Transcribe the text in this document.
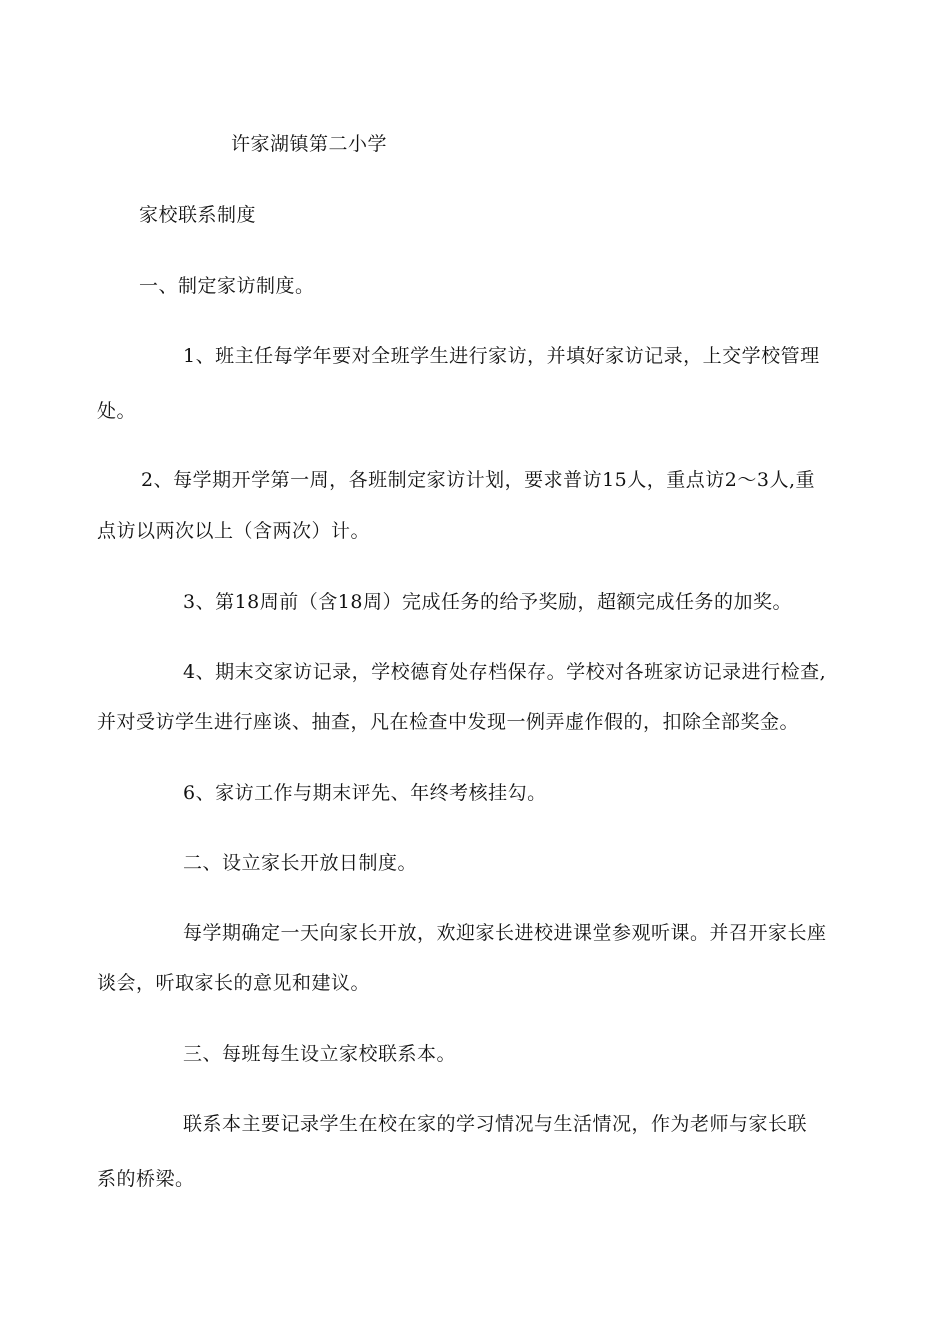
许家湖镇第二小学
家校联系制度
一、制定家访制度。
1、班主任每学年要对全班学生进行家访，并填好家访记录，上交学校管理
处。
2、每学期开学第一周，各班制定家访计划，要求普访15人，重点访2～3人,重
点访以两次以上（含两次）计。
3、第18周前（含18周）完成任务的给予奖励，超额完成任务的加奖。
4、期末交家访记录，学校德育处存档保存。学校对各班家访记录进行检查,
并对受访学生进行座谈、抽查，凡在检查中发现一例弄虚作假的，扣除全部奖金。
6、家访工作与期末评先、年终考核挂勾。
二、设立家长开放日制度。
每学期确定一天向家长开放，欢迎家长进校进课堂参观听课。并召开家长座
谈会，听取家长的意见和建议。
三、每班每生设立家校联系本。
联系本主要记录学生在校在家的学习情况与生活情况，作为老师与家长联
系的桥梁。
